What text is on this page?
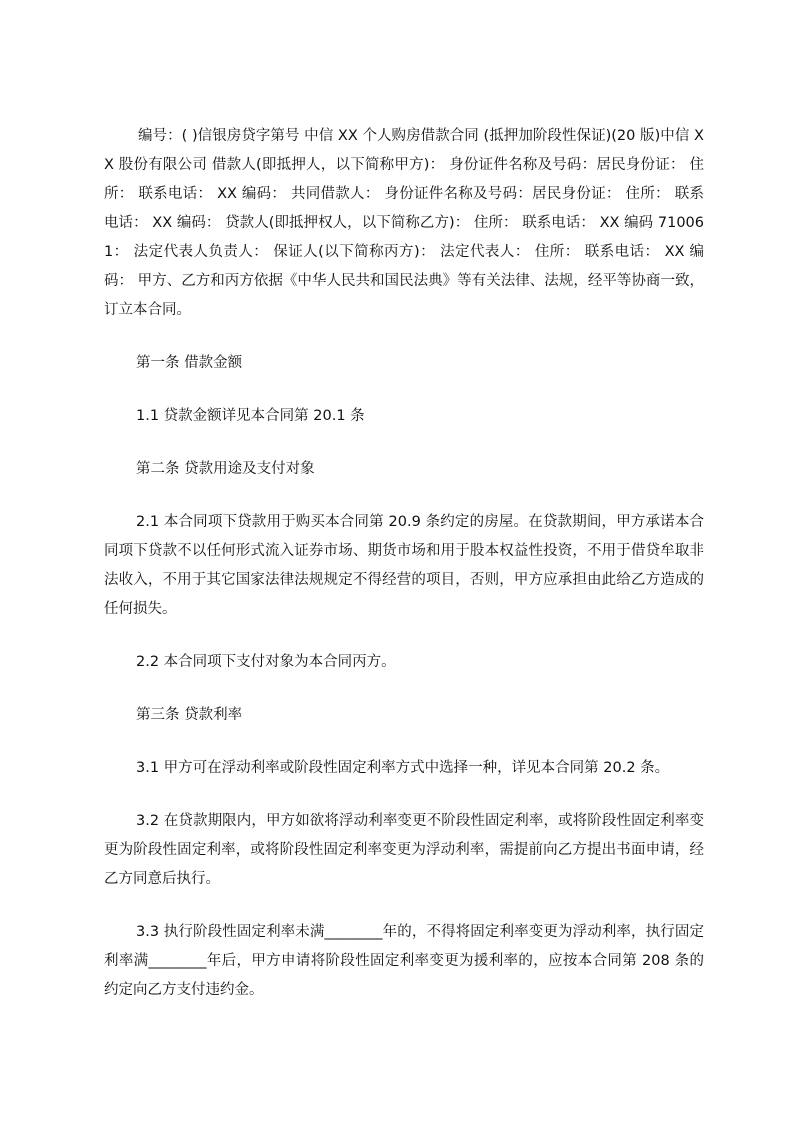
编号：( )信银房贷字第号 中信 XX 个人购房借款合同 (抵押加阶段性保证)(20 版)中信 XX 股份有限公司 借款人(即抵押人，以下简称甲方)： 身份证件名称及号码：居民身份证： 住所： 联系电话： XX 编码： 共同借款人： 身份证件名称及号码：居民身份证： 住所： 联系电话： XX 编码： 贷款人(即抵押权人，以下简称乙方)： 住所： 联系电话： XX 编码 710061： 法定代表人负责人： 保证人(以下简称丙方)： 法定代表人： 住所： 联系电话： XX 编码： 甲方、乙方和丙方依据《中华人民共和国民法典》等有关法律、法规，经平等协商一致，订立本合同。

第一条 借款金额

1.1 贷款金额详见本合同第 20.1 条

第二条 贷款用途及支付对象

2.1 本合同项下贷款用于购买本合同第 20.9 条约定的房屋。在贷款期间，甲方承诺本合 同项下贷款不以任何形式流入证券市场、期货市场和用于股本权益性投资，不用于借贷牟取非法收入，不用于其它国家法律法规规定不得经营的项目，否则，甲方应承担由此给乙方造成的任何损失。

2.2 本合同项下支付对象为本合同丙方。

第三条 贷款利率

3.1 甲方可在浮动利率或阶段性固定利率方式中选择一种，详见本合同第 20.2 条。

3.2 在贷款期限内，甲方如欲将浮动利率变更不阶段性固定利率，或将阶段性固定利率变更为阶段性固定利率，或将阶段性固定利率变更为浮动利率，需提前向乙方提出书面申请，经乙方同意后执行。

3.3 执行阶段性固定利率未满________年的，不得将固定利率变更为浮动利率，执行固定利率满________年后，甲方申请将阶段性固定利率变更为援利率的，应按本合同第 208 条的约定向乙方支付违约金。
